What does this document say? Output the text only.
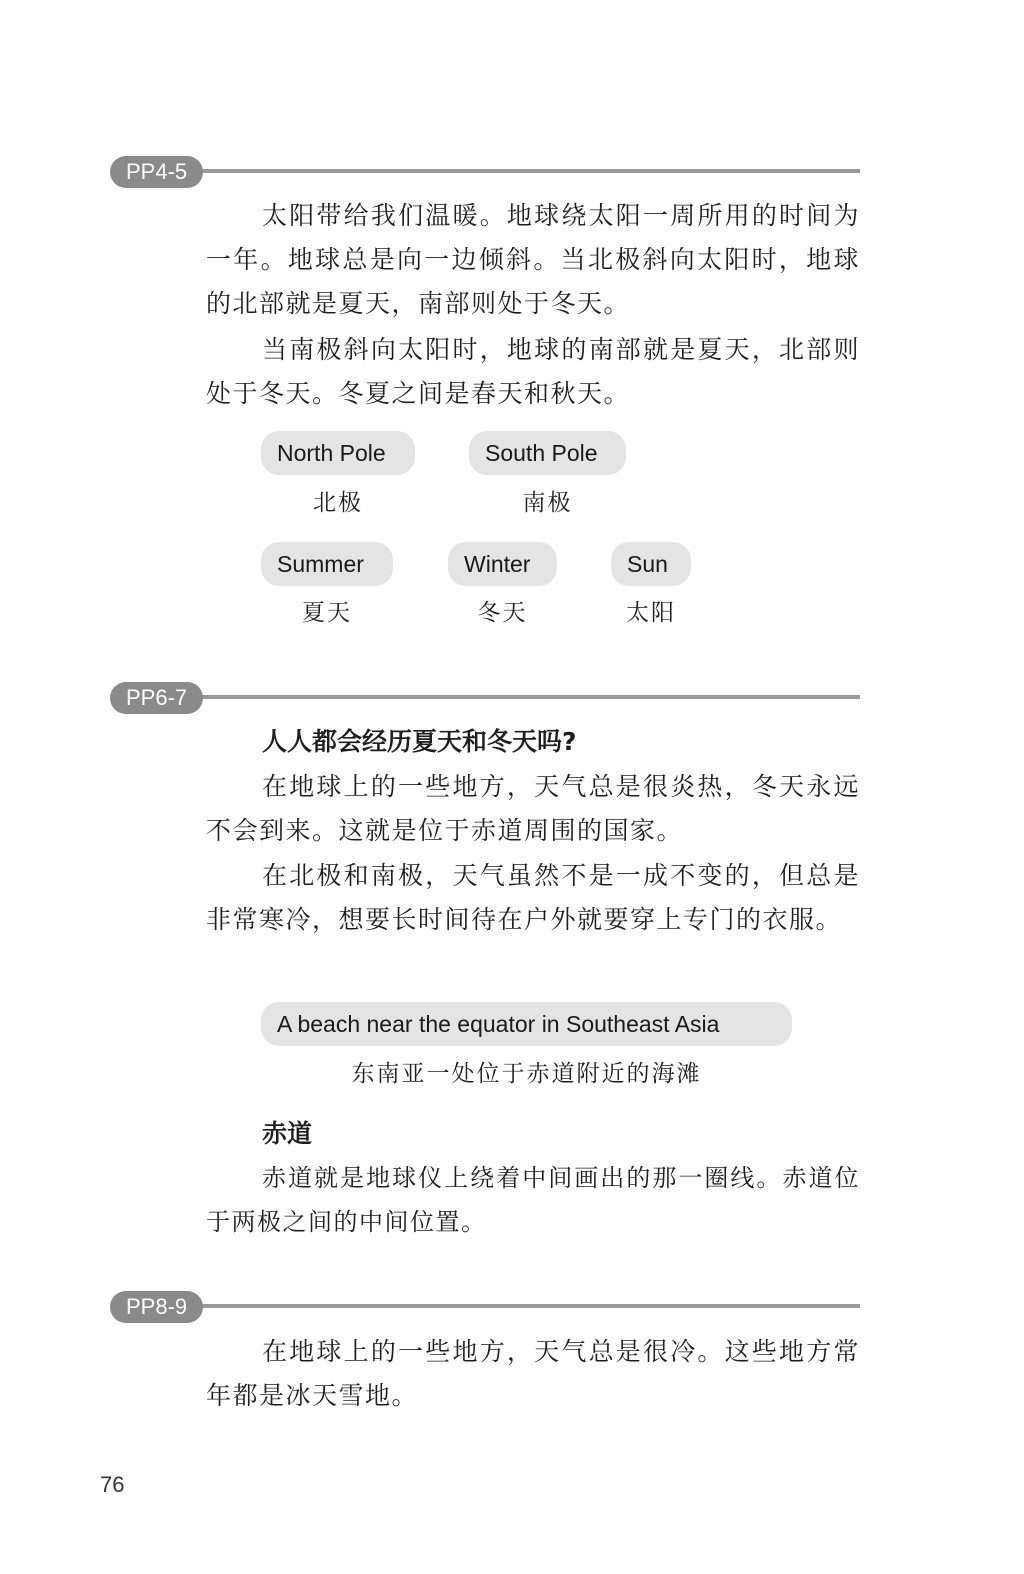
PP4-5

太阳带给我们温暖。地球绕太阳一周所用的时间为一年。地球总是向一边倾斜。当北极斜向太阳时，地球的北部就是夏天，南部则处于冬天。

当南极斜向太阳时，地球的南部就是夏天，北部则处于冬天。冬夏之间是春天和秋天。

North Pole
北极
South Pole
南极
Summer
夏天
Winter
冬天
Sun
太阳
PP6-7

人人都会经历夏天和冬天吗?

在地球上的一些地方，天气总是很炎热，冬天永远不会到来。这就是位于赤道周围的国家。

在北极和南极，天气虽然不是一成不变的，但总是非常寒冷，想要长时间待在户外就要穿上专门的衣服。

A beach near the equator in Southeast Asia
东南亚一处位于赤道附近的海滩

赤道

赤道就是地球仪上绕着中间画出的那一圈线。赤道位于两极之间的中间位置。

PP8-9

在地球上的一些地方，天气总是很冷。这些地方常年都是冰天雪地。

76
